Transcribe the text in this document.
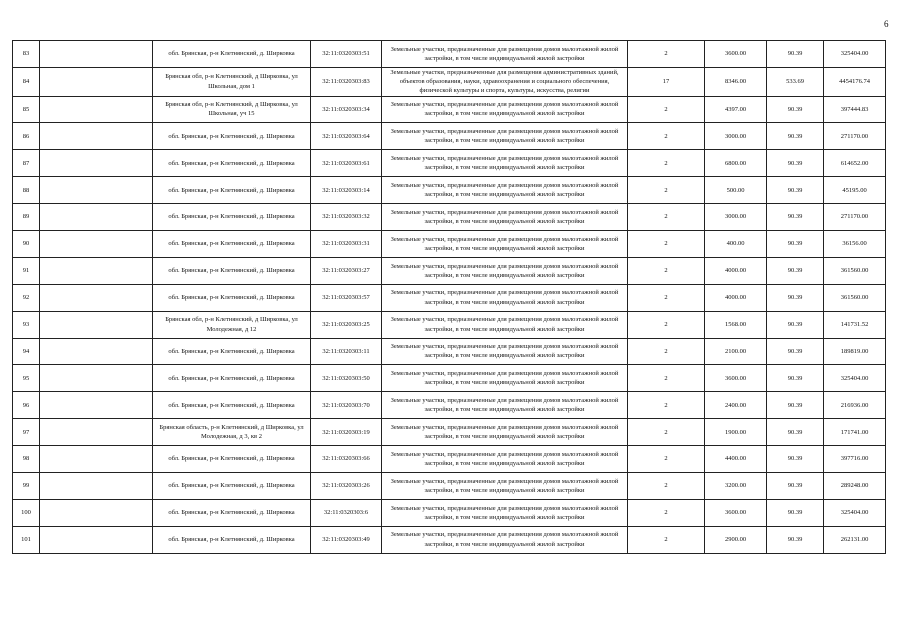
6
83		обл. Брянская, р-н Клетнянский, д. Ширковка	32:11:0320303:51	Земельные участки, предназначенные для размещения домов малоэтажной жилой застройки, в том числе индивидуальной жилой застройки	2	3600.00	90.39	325404.00
84		Брянская обл, р-н Клетнянский, д Ширковка, ул Школьная, дом 1	32:11:0320303:83	Земельные участки, предназначенные для размещения административных зданий, объектов образования, науки, здравоохранения и социального обеспечения, физической культуры и спорта, культуры, искусства, религии	17	8346.00	533.69	4454176.74
85		Брянская обл, р-н Клетнянский, д Ширковка, ул Школьная, уч 15	32:11:0320303:34	Земельные участки, предназначенные для размещения домов малоэтажной жилой застройки, в том числе индивидуальной жилой застройки	2	4397.00	90.39	397444.83
86		обл. Брянская, р-н Клетнянский, д. Ширковка	32:11:0320303:64	Земельные участки, предназначенные для размещения домов малоэтажной жилой застройки, в том числе индивидуальной жилой застройки	2	3000.00	90.39	271170.00
87		обл. Брянская, р-н Клетнянский, д. Ширковка	32:11:0320303:61	Земельные участки, предназначенные для размещения домов малоэтажной жилой застройки, в том числе индивидуальной жилой застройки	2	6800.00	90.39	614652.00
88		обл. Брянская, р-н Клетнянский, д. Ширковка	32:11:0320303:14	Земельные участки, предназначенные для размещения домов малоэтажной жилой застройки, в том числе индивидуальной жилой застройки	2	500.00	90.39	45195.00
89		обл. Брянская, р-н Клетнянский, д. Ширковка	32:11:0320303:32	Земельные участки, предназначенные для размещения домов малоэтажной жилой застройки, в том числе индивидуальной жилой застройки	2	3000.00	90.39	271170.00
90		обл. Брянская, р-н Клетнянский, д. Ширковка	32:11:0320303:31	Земельные участки, предназначенные для размещения домов малоэтажной жилой застройки, в том числе индивидуальной жилой застройки	2	400.00	90.39	36156.00
91		обл. Брянская, р-н Клетнянский, д. Ширковка	32:11:0320303:27	Земельные участки, предназначенные для размещения домов малоэтажной жилой застройки, в том числе индивидуальной жилой застройки	2	4000.00	90.39	361560.00
92		обл. Брянская, р-н Клетнянский, д. Ширковка	32:11:0320303:57	Земельные участки, предназначенные для размещения домов малоэтажной жилой застройки, в том числе индивидуальной жилой застройки	2	4000.00	90.39	361560.00
93		Брянская обл, р-н Клетнянский, д Ширковка, ул Молодежная, д 12	32:11:0320303:25	Земельные участки, предназначенные для размещения домов малоэтажной жилой застройки, в том числе индивидуальной жилой застройки	2	1568.00	90.39	141731.52
94		обл. Брянская, р-н Клетнянский, д. Ширковка	32:11:0320303:11	Земельные участки, предназначенные для размещения домов малоэтажной жилой застройки, в том числе индивидуальной жилой застройки	2	2100.00	90.39	189819.00
95		обл. Брянская, р-н Клетнянский, д. Ширковка	32:11:0320303:50	Земельные участки, предназначенные для размещения домов малоэтажной жилой застройки, в том числе индивидуальной жилой застройки	2	3600.00	90.39	325404.00
96		обл. Брянская, р-н Клетнянский, д. Ширковка	32:11:0320303:70	Земельные участки, предназначенные для размещения домов малоэтажной жилой застройки, в том числе индивидуальной жилой застройки	2	2400.00	90.39	216936.00
97		Брянская область, р-н Клетнянский, д Ширковка, ул Молодежная, д 3, кв 2	32:11:0320303:19	Земельные участки, предназначенные для размещения домов малоэтажной жилой застройки, в том числе индивидуальной жилой застройки	2	1900.00	90.39	171741.00
98		обл. Брянская, р-н Клетнянский, д. Ширковка	32:11:0320303:66	Земельные участки, предназначенные для размещения домов малоэтажной жилой застройки, в том числе индивидуальной жилой застройки	2	4400.00	90.39	397716.00
99		обл. Брянская, р-н Клетнянский, д. Ширковка	32:11:0320303:26	Земельные участки, предназначенные для размещения домов малоэтажной жилой застройки, в том числе индивидуальной жилой застройки	2	3200.00	90.39	289248.00
100		обл. Брянская, р-н Клетнянский, д. Ширковка	32:11:0320303:6	Земельные участки, предназначенные для размещения домов малоэтажной жилой застройки, в том числе индивидуальной жилой застройки	2	3600.00	90.39	325404.00
101		обл. Брянская, р-н Клетнянский, д. Ширковка	32:11:0320303:49	Земельные участки, предназначенные для размещения домов малоэтажной жилой застройки, в том числе индивидуальной жилой застройки	2	2900.00	90.39	262131.00
